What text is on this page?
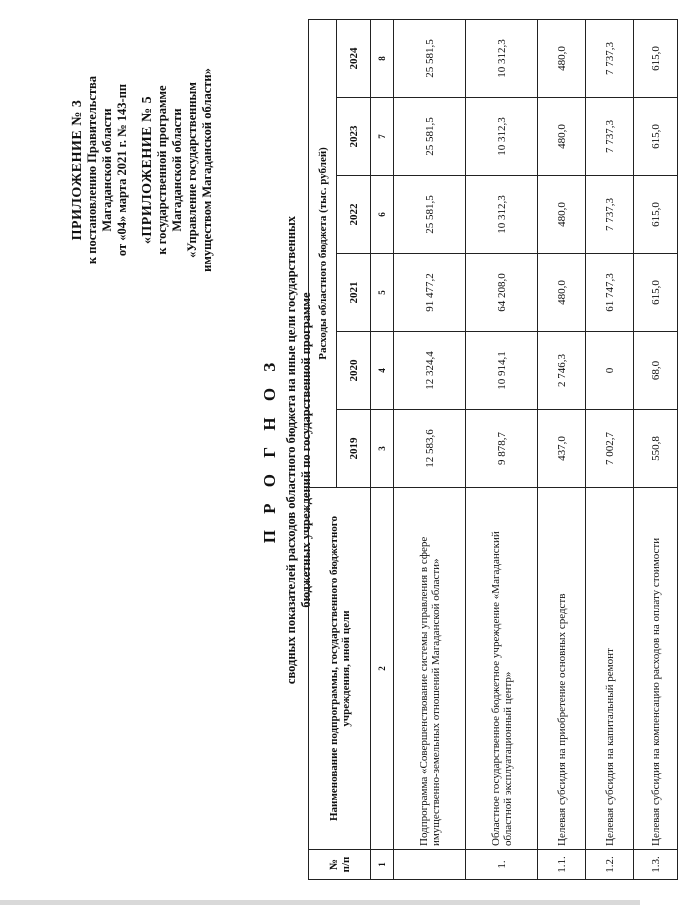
ПРИЛОЖЕНИЕ № 3 к постановлению Правительства Магаданской области от «04» марта 2021 г. № 143-пп «ПРИЛОЖЕНИЕ № 5 к государственной программе Магаданской области «Управление государственным имуществом Магаданской области»
П Р О Г Н О З сводных показателей расходов областного бюджета на иные цели государственных бюджетных учреждений по государственной программе
№ п/п	Наименование подпрограммы, государственного бюджетного учреждения, иной цели	Расходы областного бюджета (тыс. рублей)					
		2019	2020	2021	2022	2023	2024
1	2	3	4	5	6	7	8
	Подпрограмма «Совершенствование системы управления в сфере имущественно-земельных отношений Магаданской области»	12 583,6	12 324,4	91 477,2	25 581,5	25 581,5	25 581,5
1.	Областное государственное бюджетное учреждение «Магаданский областной эксплуатационный центр»	9 878,7	10 914,1	64 208,0	10 312,3	10 312,3	10 312,3
1.1.	Целевая субсидия на приобретение основных средств	437,0	2 746,3	480,0	480,0	480,0	480,0
1.2.	Целевая субсидия на капитальный ремонт	7 002,7	0	61 747,3	7 737,3	7 737,3	7 737,3
1.3.	Целевая субсидия на компенсацию расходов на оплату стоимости	550,8	68,0	615,0	615,0	615,0	615,0
